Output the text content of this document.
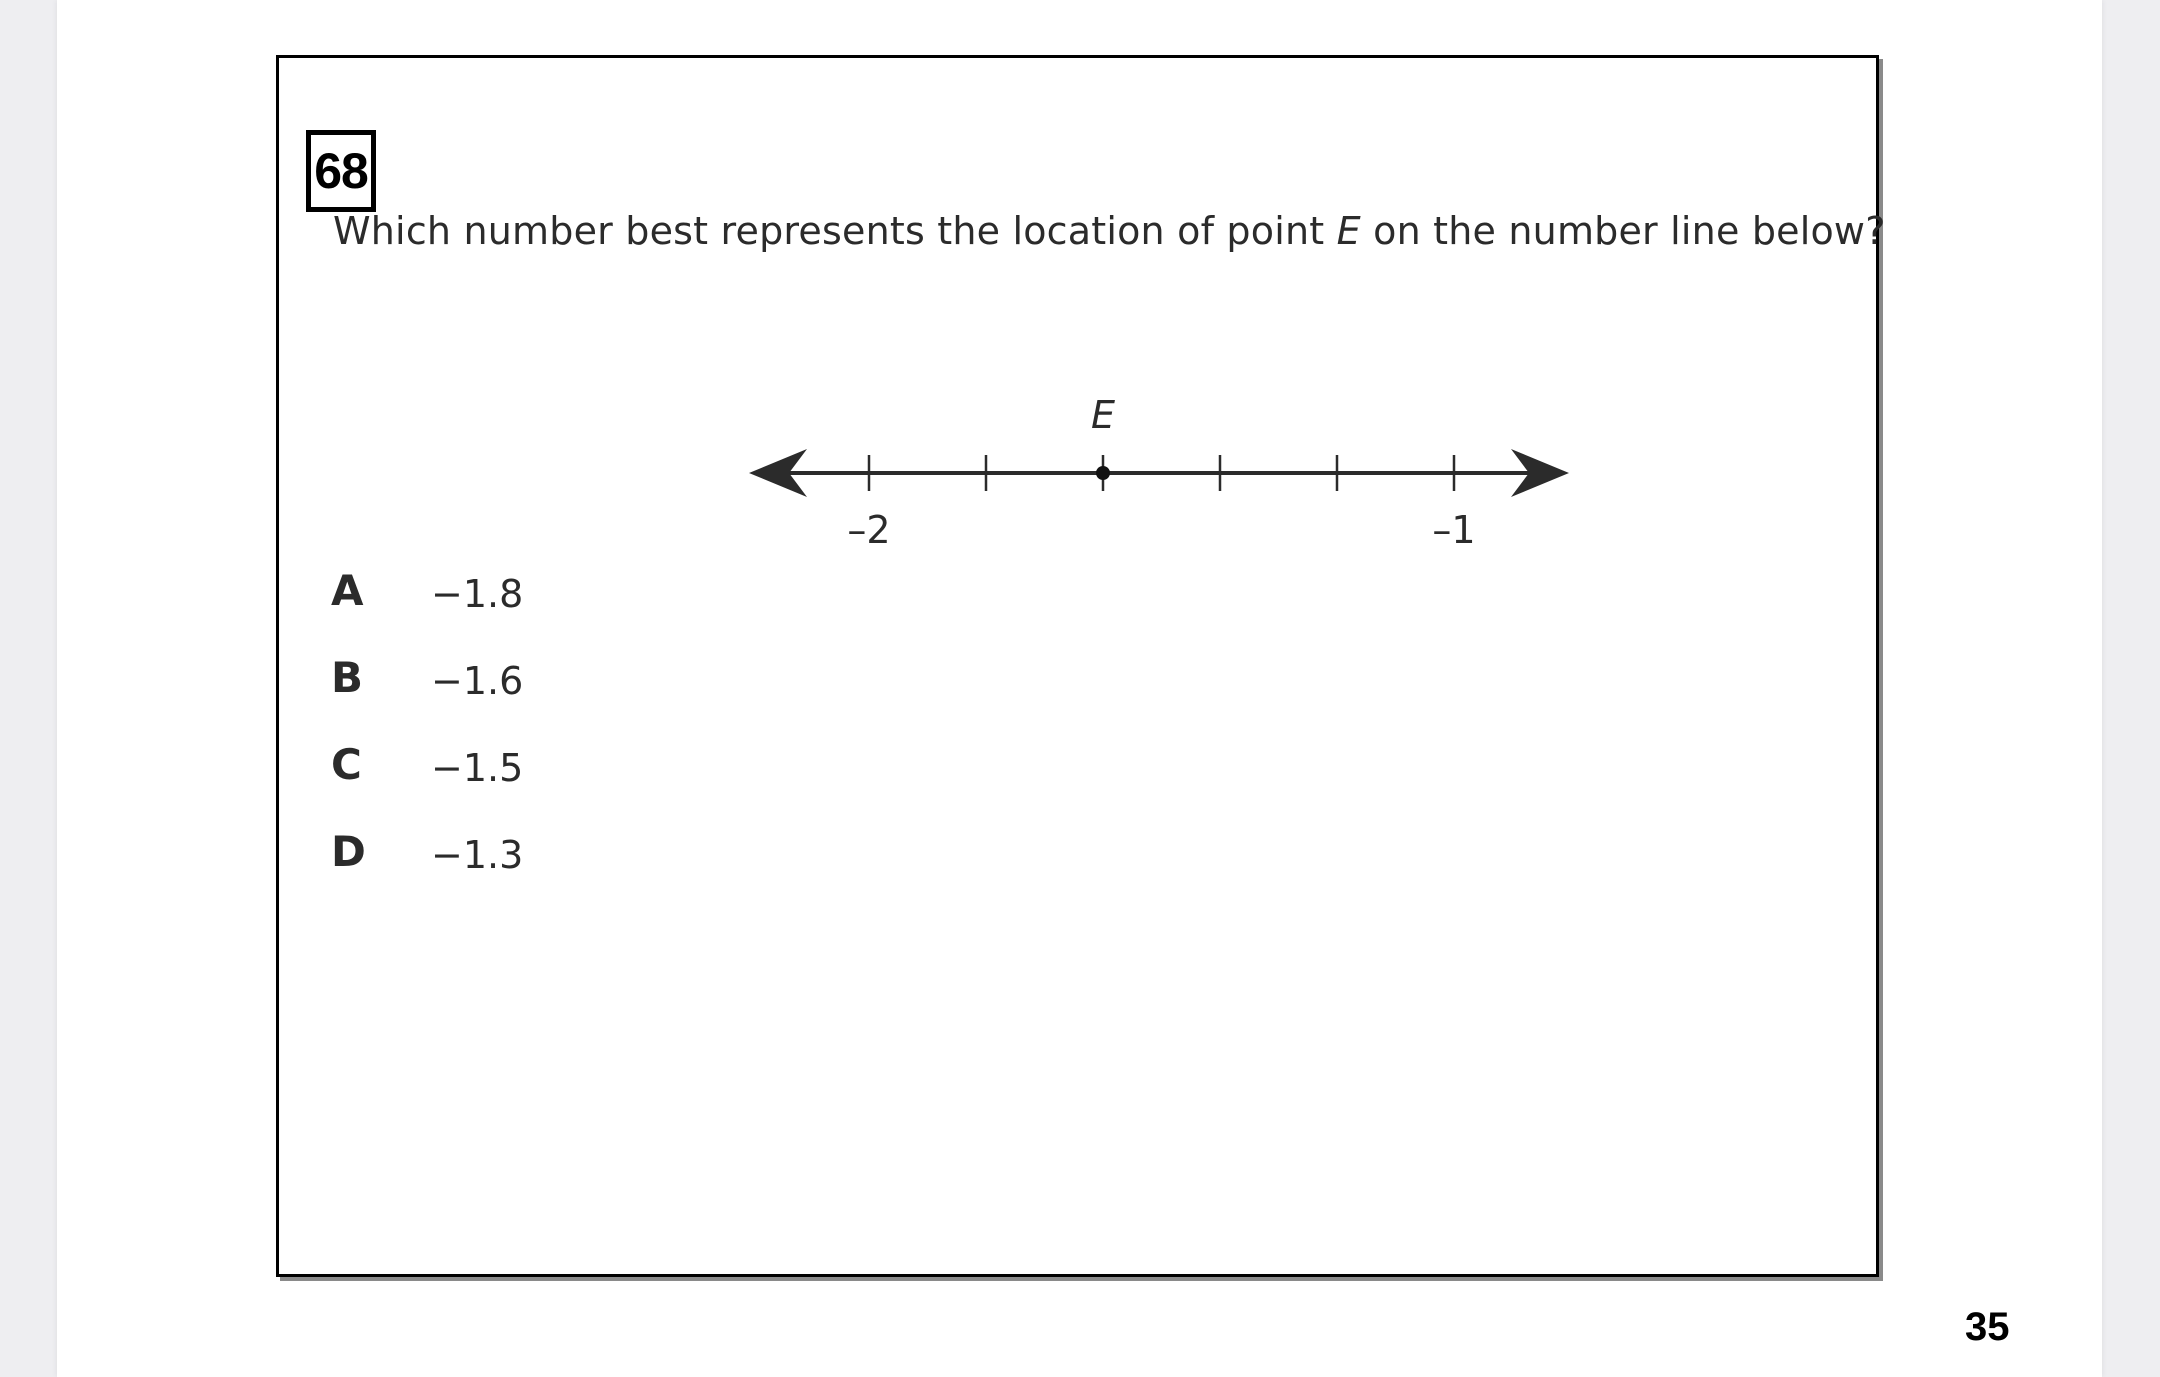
68
Which number best represents the location of point E on the number line below?
–2	–1
E
A −1.8
B −1.6
C −1.5
D −1.3
35
